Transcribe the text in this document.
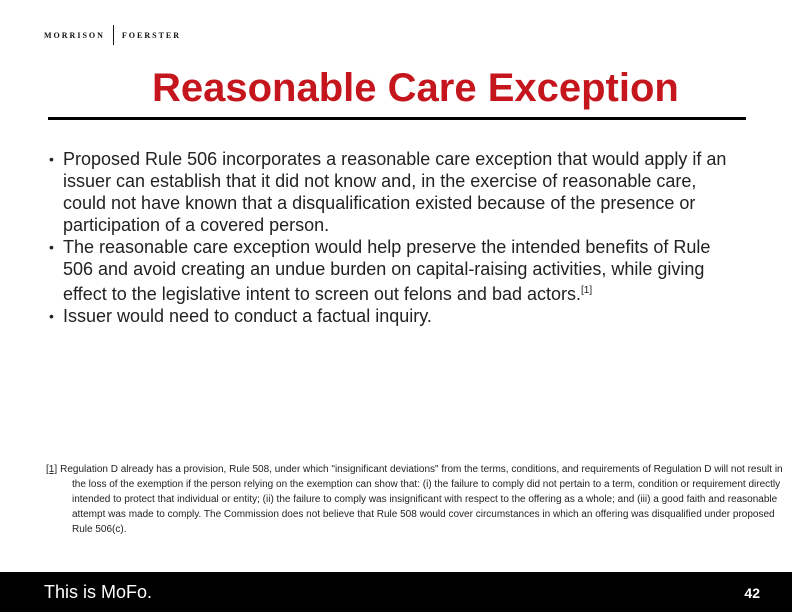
MORRISON FOERSTER
Reasonable Care Exception
• Proposed Rule 506 incorporates a reasonable care exception that would apply if an issuer can establish that it did not know and, in the exercise of reasonable care, could not have known that a disqualification existed because of the presence or participation of a covered person.
• The reasonable care exception would help preserve the intended benefits of Rule 506 and avoid creating an undue burden on capital-raising activities, while giving effect to the legislative intent to screen out felons and bad actors.[1]
• Issuer would need to conduct a factual inquiry.
[1] Regulation D already has a provision, Rule 508, under which "insignificant deviations" from the terms, conditions, and requirements of Regulation D will not result in the loss of the exemption if the person relying on the exemption can show that: (i) the failure to comply did not pertain to a term, condition or requirement directly intended to protect that individual or entity; (ii) the failure to comply was insignificant with respect to the offering as a whole; and (iii) a good faith and reasonable attempt was made to comply. The Commission does not believe that Rule 508 would cover circumstances in which an offering was disqualified under proposed Rule 506(c).
This is MoFo.	42
